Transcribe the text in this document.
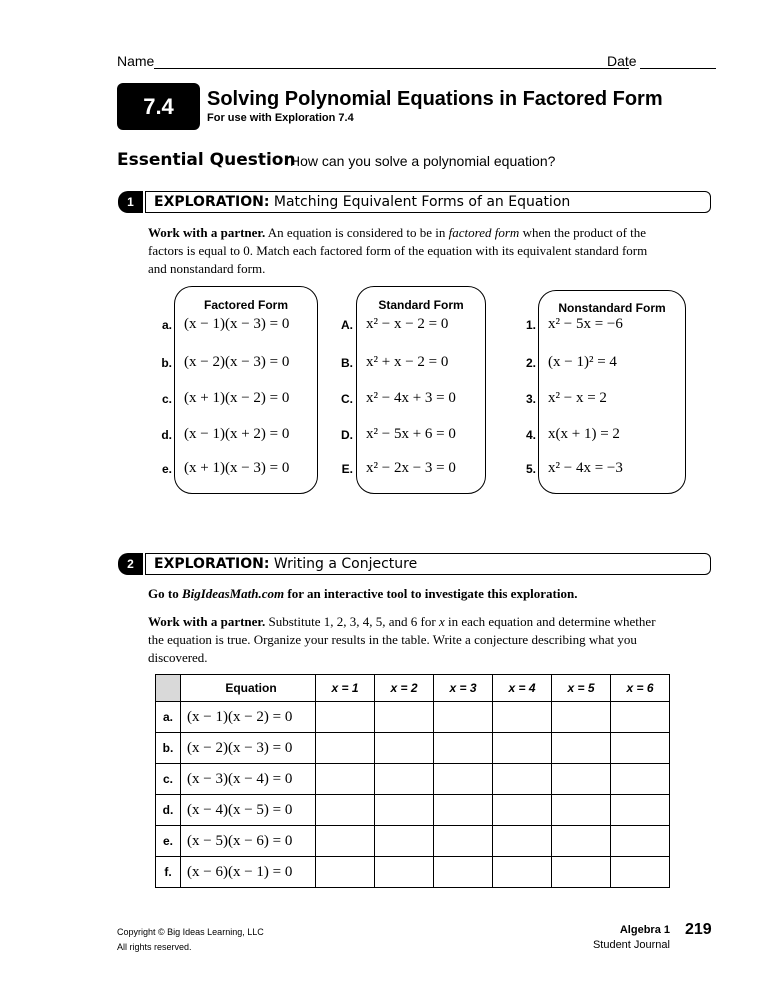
Name	Date
7.4	Solving Polynomial Equations in Factored Form
For use with Exploration 7.4
Essential Question
How can you solve a polynomial equation?
1	EXPLORATION: Matching Equivalent Forms of an Equation
Work with a partner. An equation is considered to be in factored form when the product of the factors is equal to 0. Match each factored form of the equation with its equivalent standard form and nonstandard form.
Factored Form	Standard Form	Nonstandard Form
a. (x − 1)(x − 3) = 0
b. (x − 2)(x − 3) = 0
c. (x + 1)(x − 2) = 0
d. (x − 1)(x + 2) = 0
e. (x + 1)(x − 3) = 0
A. x² − x − 2 = 0
B. x² + x − 2 = 0
C. x² − 4x + 3 = 0
D. x² − 5x + 6 = 0
E. x² − 2x − 3 = 0
1. x² − 5x = −6
2. (x − 1)² = 4
3. x² − x = 2
4. x(x + 1) = 2
5. x² − 4x = −3
2	EXPLORATION: Writing a Conjecture
Go to BigIdeasMath.com for an interactive tool to investigate this exploration.
Work with a partner. Substitute 1, 2, 3, 4, 5, and 6 for x in each equation and determine whether the equation is true. Organize your results in the table. Write a conjecture describing what you discovered.
	Equation	x = 1	x = 2	x = 3	x = 4	x = 5	x = 6
a.	(x − 1)(x − 2) = 0						
b.	(x − 2)(x − 3) = 0						
c.	(x − 3)(x − 4) = 0						
d.	(x − 4)(x − 5) = 0						
e.	(x − 5)(x − 6) = 0						
f.	(x − 6)(x − 1) = 0						
Copyright © Big Ideas Learning, LLC
All rights reserved.
Algebra 1
Student Journal
219
